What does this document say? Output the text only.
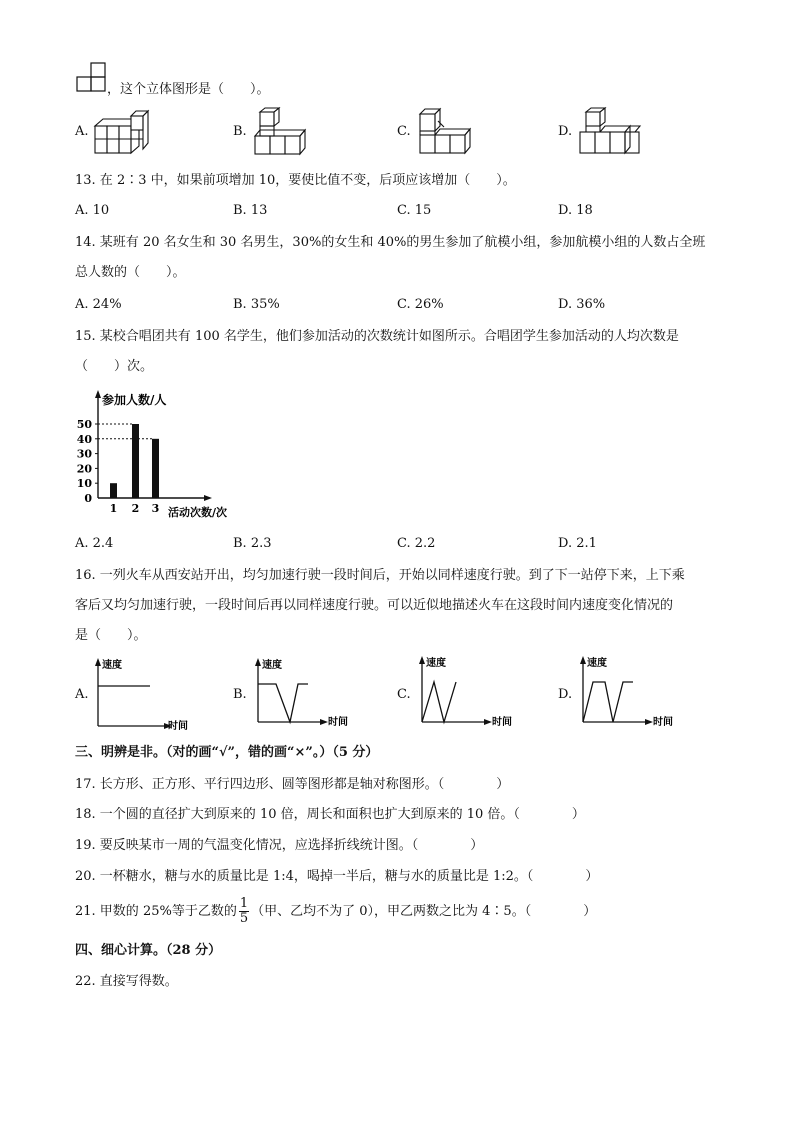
，这个立体图形是（　　）。
A.	B.	C.	D.
13. 在 2∶3 中，如果前项增加 10，要使比值不变，后项应该增加（　　）。
A. 10	B. 13	C. 15	D. 18
14. 某班有 20 名女生和 30 名男生，30%的女生和 40%的男生参加了航模小组，参加航模小组的人数占全班
总人数的（　　）。
A. 24%	B. 35%	C. 26%	D. 36%
15. 某校合唱团共有 100 名学生，他们参加活动的次数统计如图所示。合唱团学生参加活动的人均次数是
（　　）次。
参加人数/人
活动次数/次
0
10
20
30
40
50
1 2 3
A. 2.4	B. 2.3	C. 2.2	D. 2.1
16. 一列火车从西安站开出，均匀加速行驶一段时间后，开始以同样速度行驶。到了下一站停下来，上下乘
客后又均匀加速行驶，一段时间后再以同样速度行驶。可以近似地描述火车在这段时间内速度变化情况的
是（　　）。
A.
速度
时间
B.
速度
时间
C.
速度
时间
D.
速度
时间
三、明辨是非。（对的画“√”，错的画“×”。）（5 分）
17. 长方形、正方形、平行四边形、圆等图形都是轴对称图形。（　　　　）
18. 一个圆的直径扩大到原来的 10 倍，周长和面积也扩大到原来的 10 倍。（　　　　）
19. 要反映某市一周的气温变化情况，应选择折线统计图。（　　　　）
20. 一杯糖水，糖与水的质量比是 1:4，喝掉一半后，糖与水的质量比是 1:2。（　　　　）
21. 甲数的 25%等于乙数的 $\frac{1}{5}$ （甲、乙均不为了 0），甲乙两数之比为 4∶5。（　　　　）
四、细心计算。（28 分）
22. 直接写得数。
